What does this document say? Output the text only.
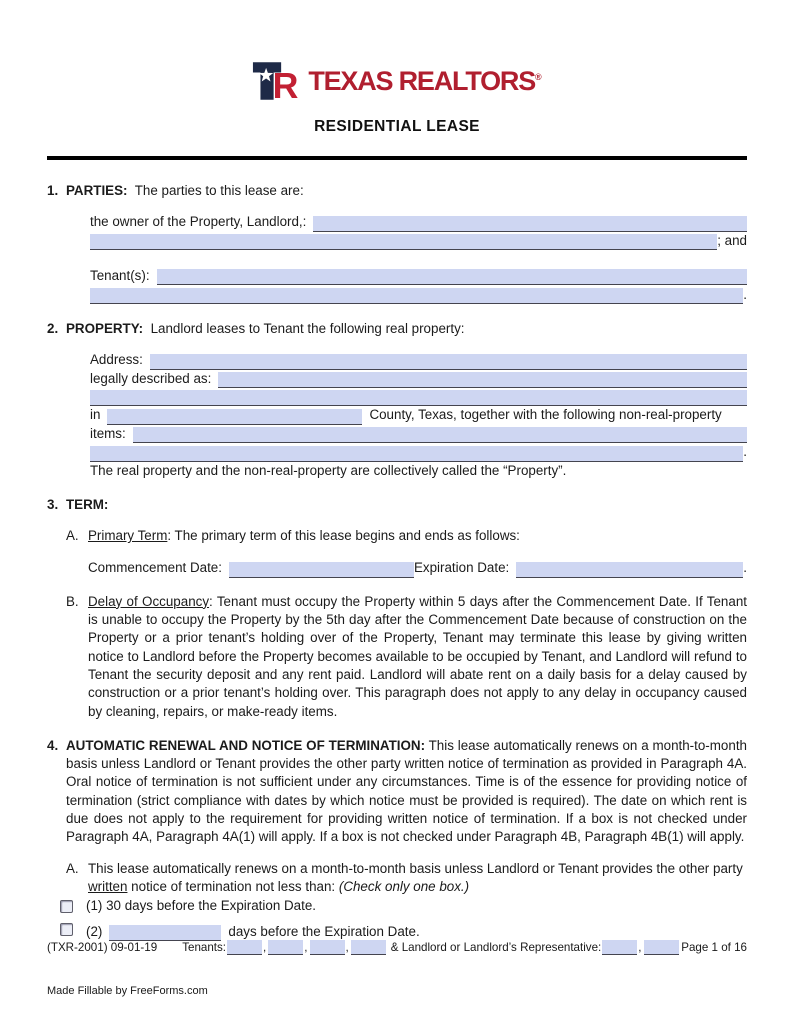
R TEXAS REALTORS®
RESIDENTIAL LEASE
1. PARTIES: The parties to this lease are:
the owner of the Property, Landlord,:
; and
Tenant(s):
.
2. PROPERTY: Landlord leases to Tenant the following real property:
Address:
legally described as:
in	County, Texas, together with the following non-real-property
items:
.
The real property and the non-real-property are collectively called the “Property”.
3. TERM:
A. Primary Term: The primary term of this lease begins and ends as follows:
Commencement Date:	Expiration Date:	.
B. Delay of Occupancy: Tenant must occupy the Property within 5 days after the Commencement Date. If Tenant is unable to occupy the Property by the 5th day after the Commencement Date because of construction on the Property or a prior tenant’s holding over of the Property, Tenant may terminate this lease by giving written notice to Landlord before the Property becomes available to be occupied by Tenant, and Landlord will refund to Tenant the security deposit and any rent paid. Landlord will abate rent on a daily basis for a delay caused by construction or a prior tenant’s holding over. This paragraph does not apply to any delay in occupancy caused by cleaning, repairs, or make-ready items.
4. AUTOMATIC RENEWAL AND NOTICE OF TERMINATION: This lease automatically renews on a month-to-month basis unless Landlord or Tenant provides the other party written notice of termination as provided in Paragraph 4A. Oral notice of termination is not sufficient under any circumstances. Time is of the essence for providing notice of termination (strict compliance with dates by which notice must be provided is required). The date on which rent is due does not apply to the requirement for providing written notice of termination. If a box is not checked under Paragraph 4A, Paragraph 4A(1) will apply. If a box is not checked under Paragraph 4B, Paragraph 4B(1) will apply.
A. This lease automatically renews on a month-to-month basis unless Landlord or Tenant provides the other party written notice of termination not less than: (Check only one box.)
(1) 30 days before the Expiration Date.
(2)	days before the Expiration Date.
(TXR-2001) 09-01-19 Tenants:	,	,	,	& Landlord or Landlord’s Representative:	,	Page 1 of 16
Made Fillable by FreeForms.com
